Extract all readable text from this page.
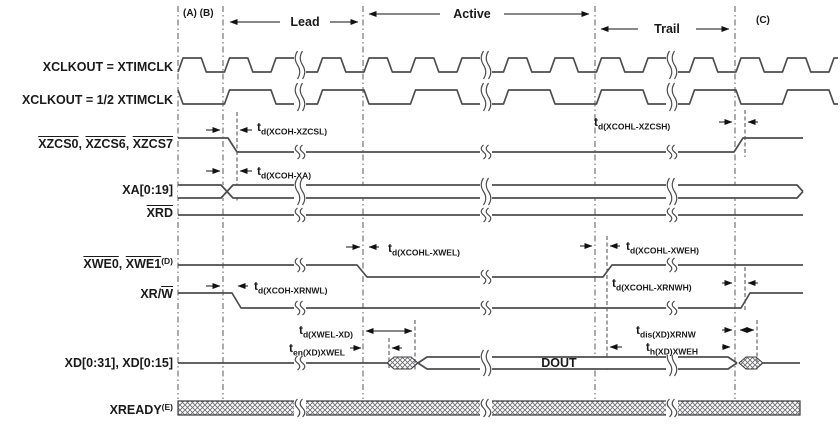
(A) (B)
Lead
Active
Trail
(C)
XCLKOUT = XTIMCLK
XCLKOUT = 1/2 XTIMCLK
XZCS0, XZCS6, XZCS7
XA[0:19]
$\overline{XRD}$
XWE0, $XWE1^{(D)}$
$XR/\overline{W}$
XD[0:31], XD[0:15]
$XREADY^{(E)}$
DOUT
$t_{d(XCOH-XZCSL)}$
$t_{d(XCOHL-XZCSH)}$
$t_{d(XCOH-XA)}$
$t_{d(XCOHL-XWEL)}$	$t_{d(XCOHL-XWEH)}$
$t_{d(XCOH-XRNWL)}$
$t_{d(XCOHL-XRNWH)}$
$t_{d(XWEL-XD)}$
$t_{en(XD)XWEL}$
$t_{dis(XD)XRNW}$
$t_{h(XD)XWEH}$
